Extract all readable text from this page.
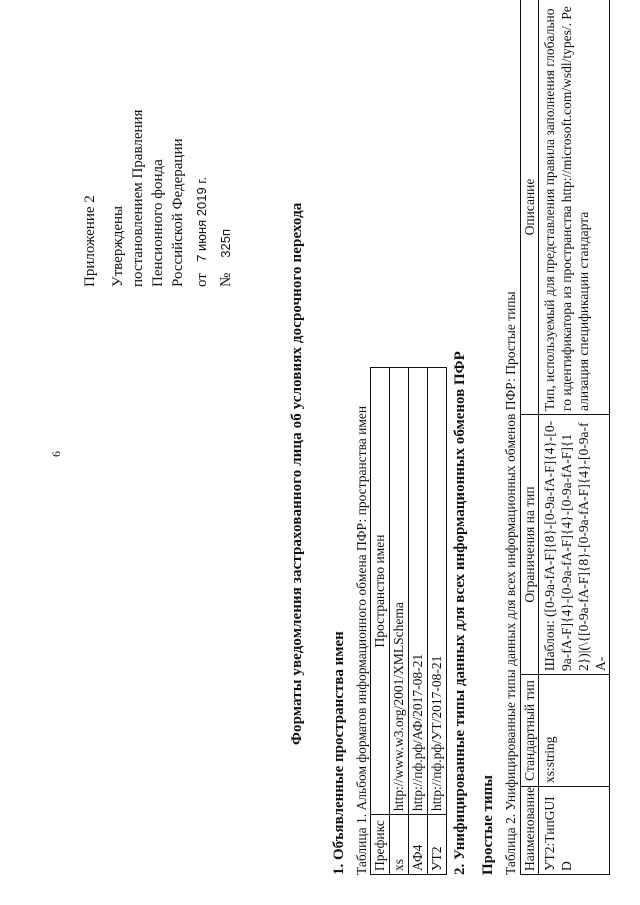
6
Приложение 2 Утверждены постановлением Правления Пенсионного фонда Российской Федерации от   7 июня 2019 г.
№    325п	Форматы уведомления застрахованного лица об условиях досрочного перехода
1. Объявленные пространства имен Таблица 1. Альбом форматов информационного обмена ПФР: пространства имен Префикс	Пространство имен
xs	http://www.w3.org/2001/XMLSchema
АФ4	http://пф.рф/АФ/2017-08-21
УТ2	http://пф.рф/УТ/2017-08-21 2. Унифицированные типы данных для всех информационных обменов ПФР Простые типы Таблица 2. Унифицированные типы данных для всех информационных обменов ПФР: Простые типы Наименование	Стандартный тип	Ограничения на тип	Описание
УТ2:ТипGUID	xs:string	Шаблон: ([0-9a-fA-F]{8}-[0-9a-fA-F]{4}-[0-9a-fA-F]{4}-[0-9a-fA-F]{4}-[0-9a-fA-F]{12})|(\{[0-9a-fA-F]{8}-[0-9a-fA-F]{4}-[0-9a-fA-	Тип, используемый для представления правила заполнения глобального идентификатора из пространства http://microsoft.com/wsdl/types/. Реализация спецификации стандарта
